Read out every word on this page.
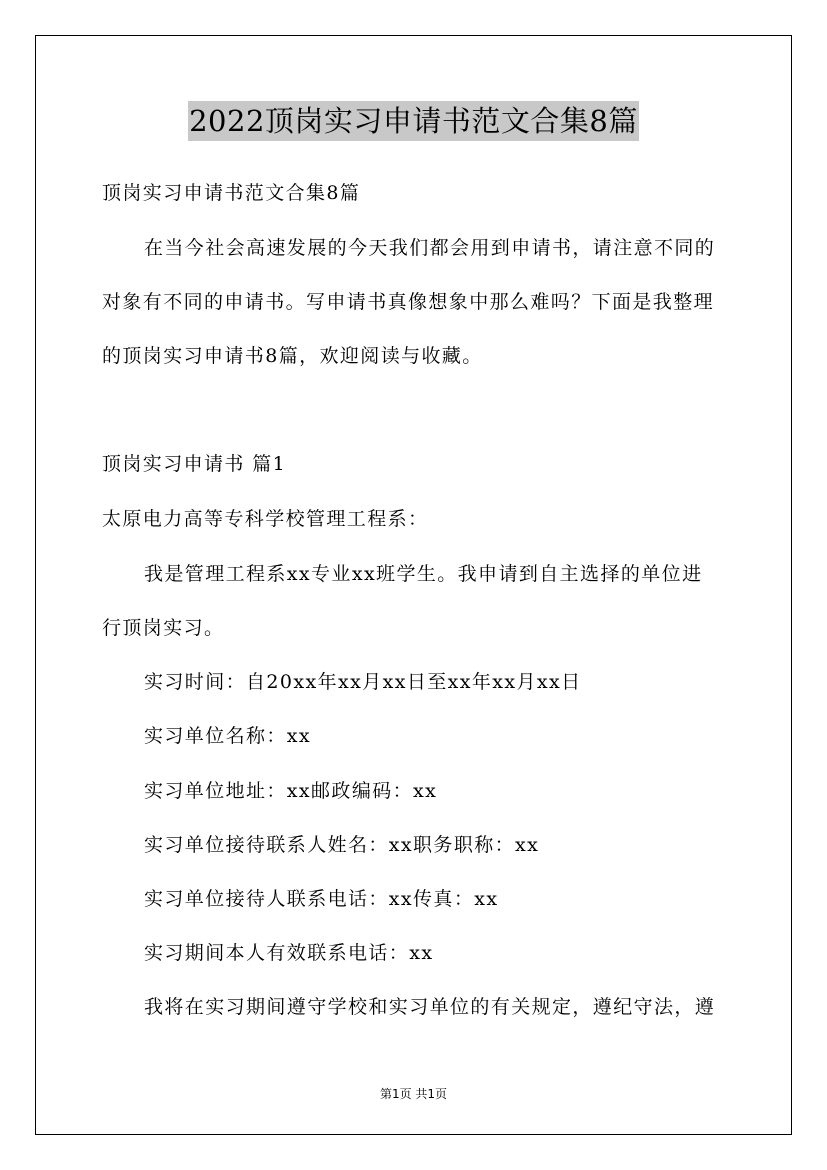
2022顶岗实习申请书范文合集8篇
顶岗实习申请书范文合集8篇
在当今社会高速发展的今天我们都会用到申请书，请注意不同的
对象有不同的申请书。写申请书真像想象中那么难吗？下面是我整理
的顶岗实习申请书8篇，欢迎阅读与收藏。
顶岗实习申请书 篇1
太原电力高等专科学校管理工程系：
我是管理工程系xx专业xx班学生。我申请到自主选择的单位进
行顶岗实习。
实习时间：自20xx年xx月xx日至xx年xx月xx日
实习单位名称：xx
实习单位地址：xx邮政编码：xx
实习单位接待联系人姓名：xx职务职称：xx
实习单位接待人联系电话：xx传真：xx
实习期间本人有效联系电话：xx
我将在实习期间遵守学校和实习单位的有关规定，遵纪守法，遵
第1页 共1页
